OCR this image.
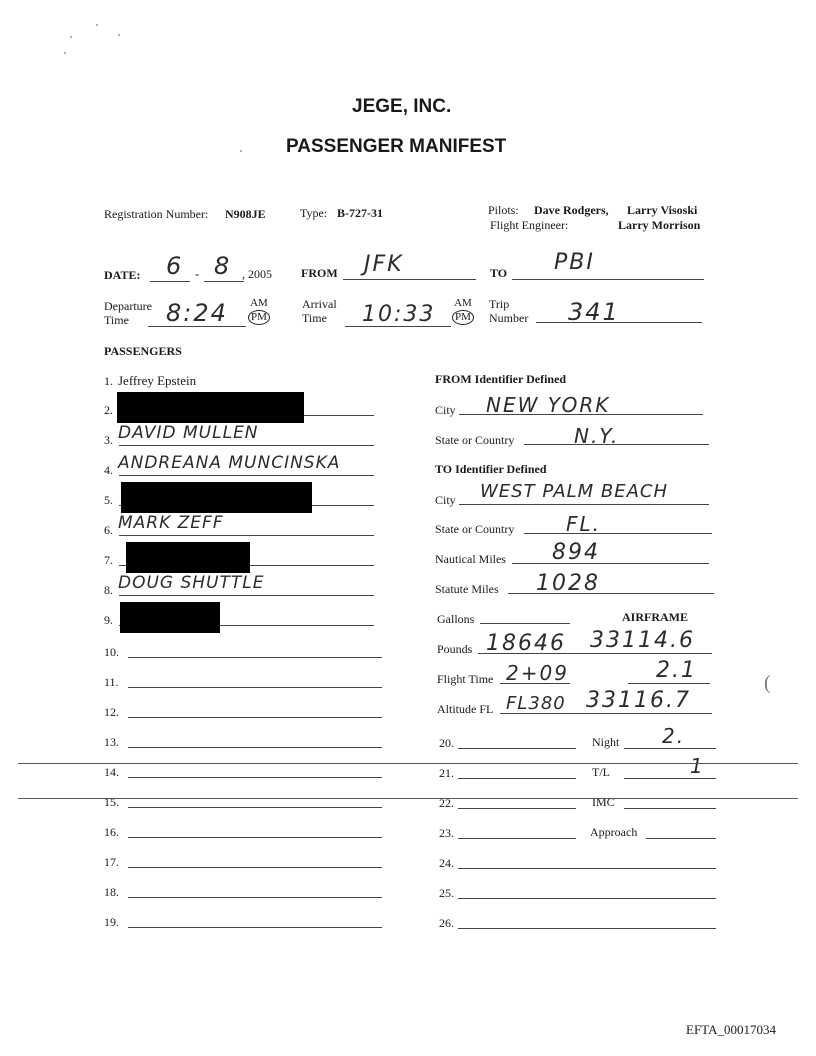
JEGE, INC.
PASSENGER MANIFEST
Registration Number: N908JE	Type: B-727-31	Pilots: Dave Rodgers, Larry Visoski
Flight Engineer:	Larry Morrison
DATE: 6 - 8 , 2005 FROM JFK	TO PBI
Departure
Time	8:24 AM
PM
Arrival
Time	10:33 AM
PM
Trip
Number 341
PASSENGERS
1. Jeffrey Epstein
2.
3. DAVID MULLEN
4. ANDREANA MUNCINSKA
5.
6. MARK ZEFF
7.
8. DOUG SHUTTLE
9.
10.
11.
12.
13.
14.
15.
16.
17.
18.
19.
FROM Identifier Defined
City NEW YORK
State or Country	N.Y.
TO Identifier Defined
City WEST PALM BEACH
State or Country	FL.
Nautical Miles 894
Statute Miles 1028
Gallons	AIRFRAME
Pounds 18646 33114.6
Flight Time 2+09	2.1
Altitude FL FL380 33116.7
20.	Night 2.
21.	T/L	1
22.	IMC
23.	Approach
24.
25.
26.
(
EFTA_00017034
